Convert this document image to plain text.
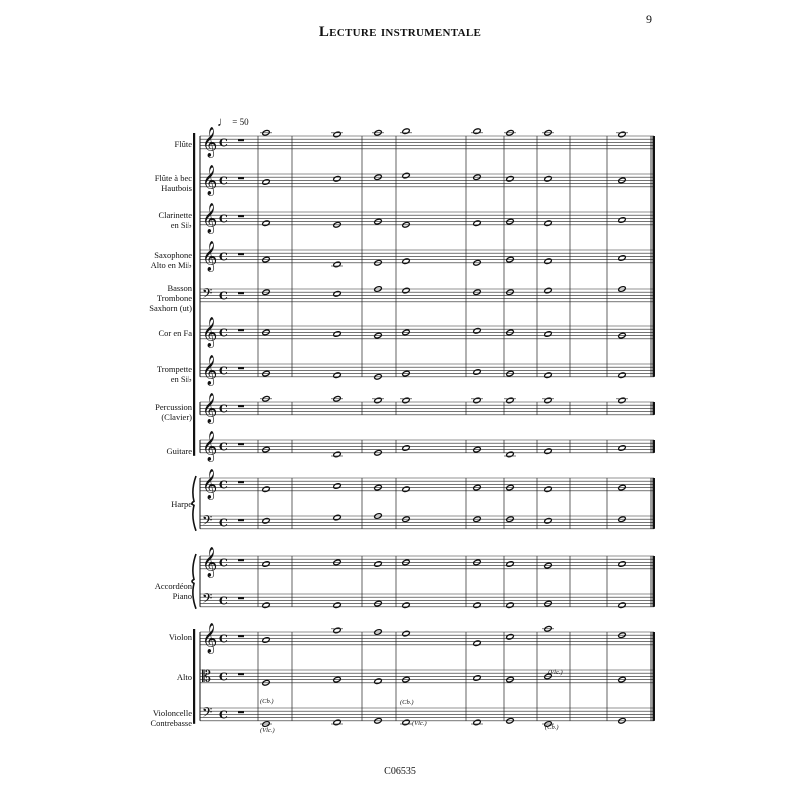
9
Lecture instrumentale
♩ = 50
Flûte
Flûte à bec
Hautbois
Clarinette
en Si♭
Saxophone
Alto en Mi♭
Basson
Trombone
Saxhorn (ut)
Cor en Fa
Trompette
en Si♭
Percussion
(Clavier)
Guitare
Harpe
Accordéon
Piano
Violon
Alto
Violoncelle
Contrebasse
(Cb.)
(Vlc.)
(Cb.)
(Vlc.)
(Vlc.)
(Cb.)
𝄞 C
𝄞 C
𝄞 C
𝄞 C
𝄢 C
𝄞 C
𝄞 C
𝄞 C
𝄞 C
𝄞 C
𝄢 C
𝄞 C
𝄢 C
𝄞 C
𝄡 C
𝄢 C
C06535
